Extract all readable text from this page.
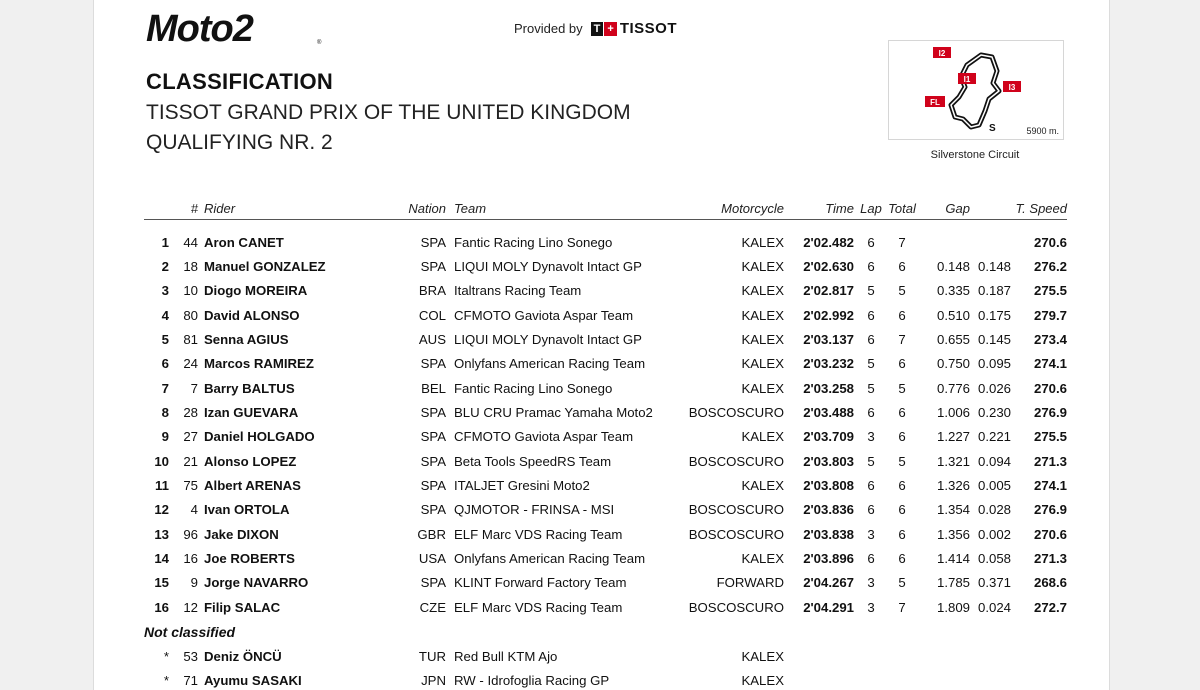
Moto2	®
Provided by T + TISSOT
CLASSIFICATION
TISSOT GRAND PRIX OF THE UNITED KINGDOM
QUALIFYING NR. 2
I2
I1
I3
FL
S	5900 m.
Silverstone Circuit
	#	Rider	Nation	Team	Motorcycle	Time	Lap	Total	Gap		T. Speed

1	44	Aron CANET	SPA	Fantic Racing Lino Sonego	KALEX	2'02.482	6	7			270.6
2	18	Manuel GONZALEZ	SPA	LIQUI MOLY Dynavolt Intact GP	KALEX	2'02.630	6	6	0.148	0.148	276.2
3	10	Diogo MOREIRA	BRA	Italtrans Racing Team	KALEX	2'02.817	5	5	0.335	0.187	275.5
4	80	David ALONSO	COL	CFMOTO Gaviota Aspar Team	KALEX	2'02.992	6	6	0.510	0.175	279.7
5	81	Senna AGIUS	AUS	LIQUI MOLY Dynavolt Intact GP	KALEX	2'03.137	6	7	0.655	0.145	273.4
6	24	Marcos RAMIREZ	SPA	Onlyfans American Racing Team	KALEX	2'03.232	5	6	0.750	0.095	274.1
7	7	Barry BALTUS	BEL	Fantic Racing Lino Sonego	KALEX	2'03.258	5	5	0.776	0.026	270.6
8	28	Izan GUEVARA	SPA	BLU CRU Pramac Yamaha Moto2	BOSCOSCURO	2'03.488	6	6	1.006	0.230	276.9
9	27	Daniel HOLGADO	SPA	CFMOTO Gaviota Aspar Team	KALEX	2'03.709	3	6	1.227	0.221	275.5
10	21	Alonso LOPEZ	SPA	Beta Tools SpeedRS Team	BOSCOSCURO	2'03.803	5	5	1.321	0.094	271.3
11	75	Albert ARENAS	SPA	ITALJET Gresini Moto2	KALEX	2'03.808	6	6	1.326	0.005	274.1
12	4	Ivan ORTOLA	SPA	QJMOTOR - FRINSA - MSI	BOSCOSCURO	2'03.836	6	6	1.354	0.028	276.9
13	96	Jake DIXON	GBR	ELF Marc VDS Racing Team	BOSCOSCURO	2'03.838	3	6	1.356	0.002	270.6
14	16	Joe ROBERTS	USA	Onlyfans American Racing Team	KALEX	2'03.896	6	6	1.414	0.058	271.3
15	9	Jorge NAVARRO	SPA	KLINT Forward Factory Team	FORWARD	2'04.267	3	5	1.785	0.371	268.6
16	12	Filip SALAC	CZE	ELF Marc VDS Racing Team	BOSCOSCURO	2'04.291	3	7	1.809	0.024	272.7
Not classified											
*	53	Deniz ÖNCÜ	TUR	Red Bull KTM Ajo	KALEX						
*	71	Ayumu SASAKI	JPN	RW - Idrofoglia Racing GP	KALEX						
